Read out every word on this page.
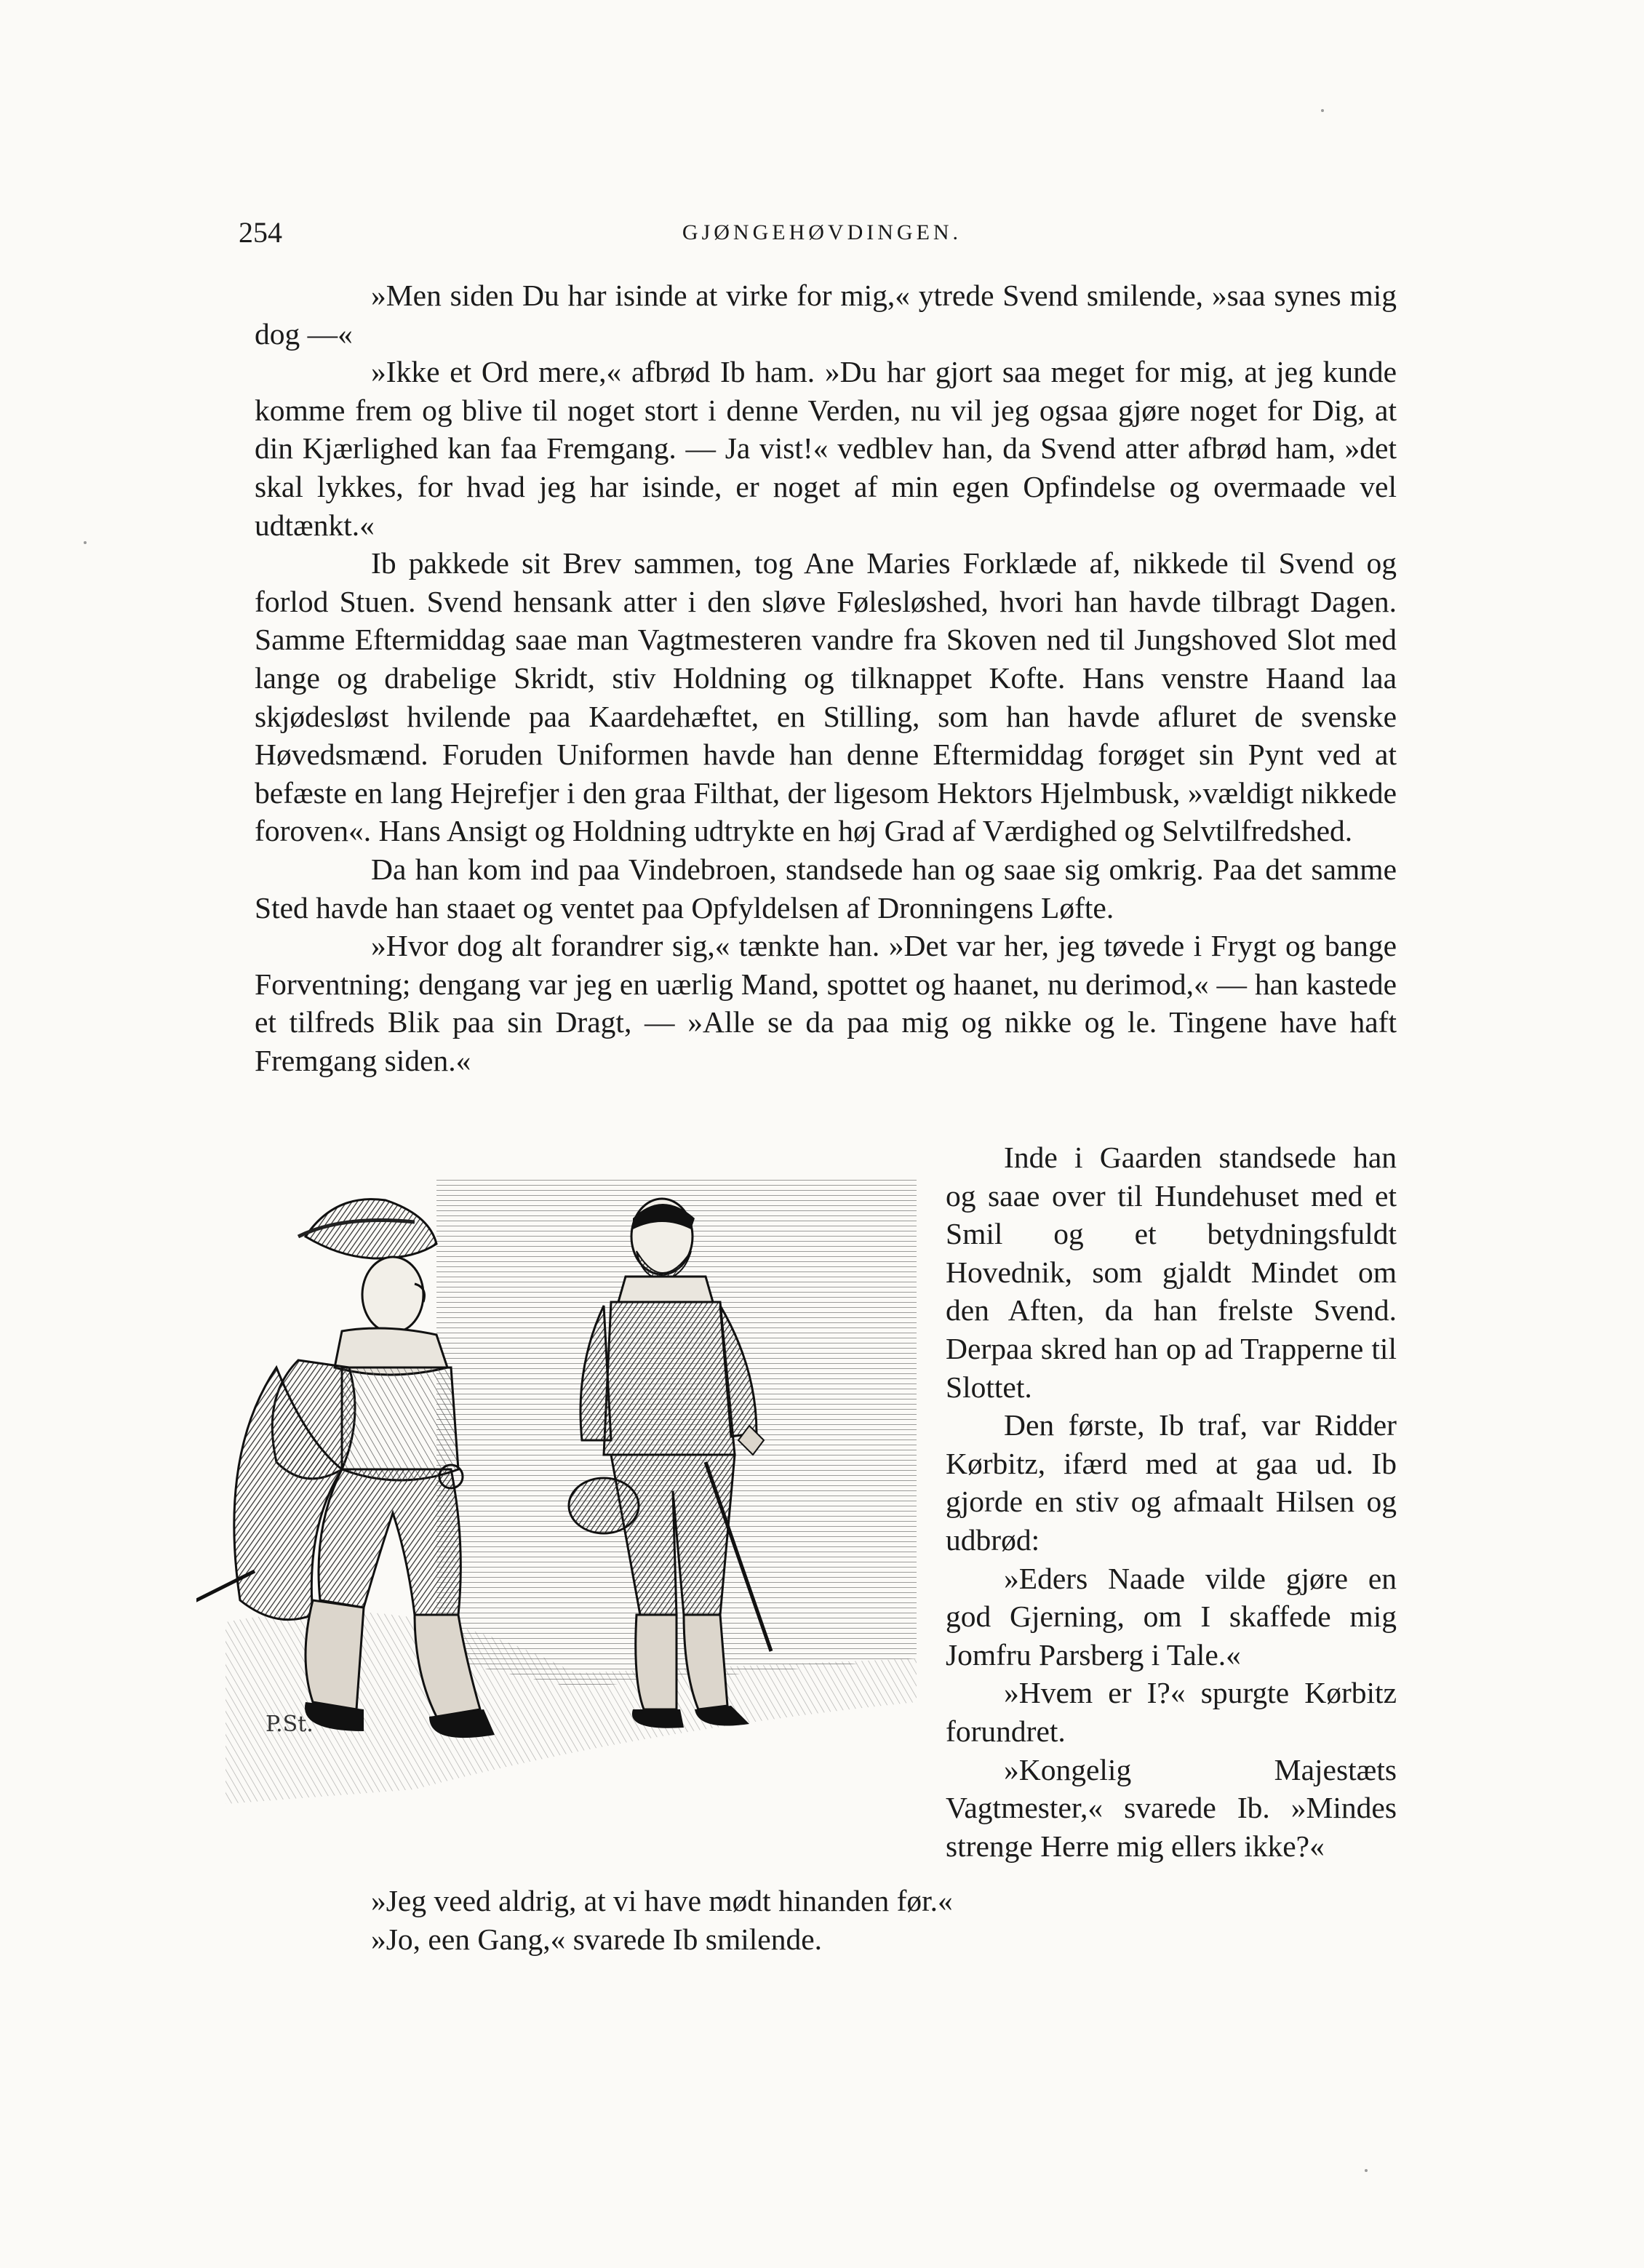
254	GJØNGEHØVDINGEN.

»Men siden Du har isinde at virke for mig,« ytrede Svend smilende, »saa synes mig dog —«

»Ikke et Ord mere,« afbrød Ib ham. »Du har gjort saa meget for mig, at jeg kunde komme frem og blive til noget stort i denne Verden, nu vil jeg ogsaa gjøre noget for Dig, at din Kjærlighed kan faa Fremgang. — Ja vist!« vedblev han, da Svend atter afbrød ham, »det skal lykkes, for hvad jeg har isinde, er noget af min egen Opfindelse og overmaade vel udtænkt.«

Ib pakkede sit Brev sammen, tog Ane Maries Forklæde af, nikkede til Svend og forlod Stuen. Svend hensank atter i den sløve Følesløshed, hvori han havde tilbragt Dagen. Samme Eftermiddag saae man Vagtmesteren vandre fra Skoven ned til Jungshoved Slot med lange og drabelige Skridt, stiv Holdning og tilknappet Kofte. Hans venstre Haand laa skjødesløst hvilende paa Kaardehæftet, en Stilling, som han havde afluret de svenske Høvedsmænd. Foruden Uniformen havde han denne Eftermiddag forøget sin Pynt ved at befæste en lang Hejrefjer i den graa Filthat, der ligesom Hektors Hjelmbusk, »vældigt nikkede foroven«. Hans Ansigt og Holdning udtrykte en høj Grad af Værdighed og Selvtilfredshed.

Da han kom ind paa Vindebroen, standsede han og saae sig omkrig. Paa det samme Sted havde han staaet og ventet paa Opfyldelsen af Dronningens Løfte.

»Hvor dog alt forandrer sig,« tænkte han. »Det var her, jeg tøvede i Frygt og bange Forventning; dengang var jeg en uærlig Mand, spottet og haanet, nu derimod,« — han kastede et tilfreds Blik paa sin Dragt, — »Alle se da paa mig og nikke og le. Tingene have haft Fremgang siden.«

P.St.

Inde i Gaarden standsede han og saae over til Hundehuset med et Smil og et betydningsfuldt Hovednik, som gjaldt Mindet om den Aften, da han frelste Svend. Derpaa skred han op ad Trapperne til Slottet.

Den første, Ib traf, var Ridder Kørbitz, ifærd med at gaa ud. Ib gjorde en stiv og afmaalt Hilsen og udbrød:

»Eders Naade vilde gjøre en god Gjerning, om I skaffede mig Jomfru Parsberg i Tale.«

»Hvem er I?« spurgte Kørbitz forundret.

»Kongelig Majestæts Vagtmester,« svarede Ib. »Mindes strenge Herre mig ellers ikke?«

»Jeg veed aldrig, at vi have mødt hinanden før.«

»Jo, een Gang,« svarede Ib smilende.
